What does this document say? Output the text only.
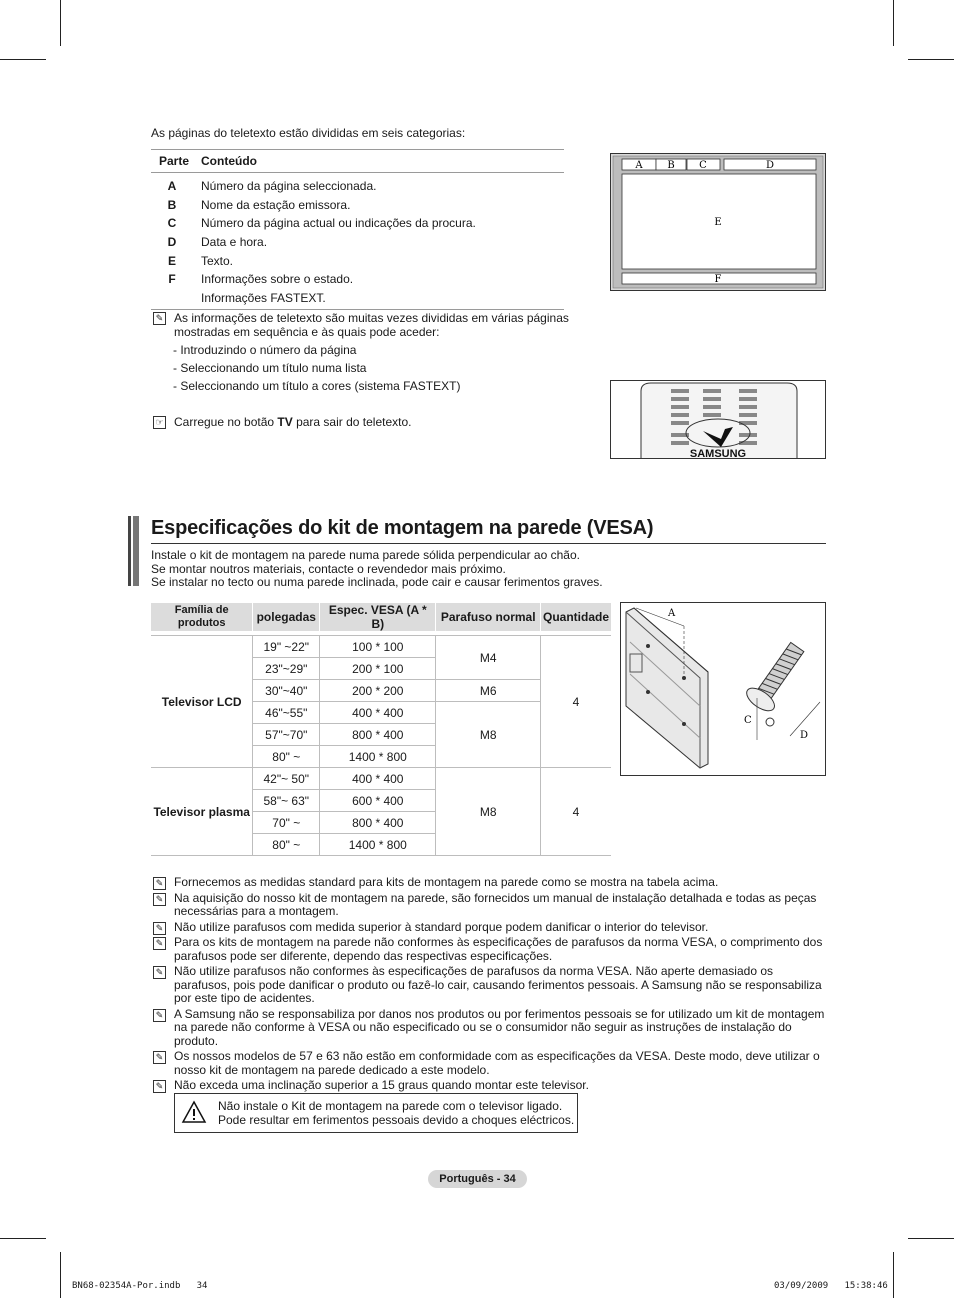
As páginas do teletexto estão divididas em seis categorias:
Parte	Conteúdo

A	Número da página seleccionada.
B	Nome da estação emissora.
C	Número da página actual ou indicações da procura.
D	Data e hora.
E	Texto.
F	Informações sobre o estado.
	Informações FASTEXT.
✎ As informações de teletexto são muitas vezes divididas em várias páginas mostradas em sequência e às quais pode aceder:
- Introduzindo o número da página
- Seleccionando um título numa lista
- Seleccionando um título a cores (sistema FASTEXT)
☞ Carregue no botão TV para sair do teletexto.
A B C	D
E
F
SAMSUNG
Especificações do kit de montagem na parede (VESA)
Instale o kit de montagem na parede numa parede sólida perpendicular ao chão.
Se montar noutros materiais, contacte o revendedor mais próximo.
Se instalar no tecto ou numa parede inclinada, pode cair e causar ferimentos graves.
Família de produtos	polegadas	Espec. VESA (A * B)	Parafuso normal	Quantidade

Televisor LCD	19" ~22"	100 * 100	M4	4
	23"~29"	200 * 100		
	30"~40"	200 * 200	M6	
	46"~55"	400 * 400	M8	
	57"~70"	800 * 400		
	80" ~	1400 * 800		
Televisor plasma	42"~ 50"	400 * 400	M8	4
	58"~ 63"	600 * 400		
	70" ~	800 * 400		
	80" ~	1400 * 800		
A
C
D
✎ Fornecemos as medidas standard para kits de montagem na parede como se mostra na tabela acima.
✎ Na aquisição do nosso kit de montagem na parede, são fornecidos um manual de instalação detalhada e todas as peças necessárias para a montagem.
✎ Não utilize parafusos com medida superior à standard porque podem danificar o interior do televisor.
✎ Para os kits de montagem na parede não conformes às especificações de parafusos da norma VESA, o comprimento dos parafusos pode ser diferente, dependo das respectivas especificações.
✎ Não utilize parafusos não conformes às especificações de parafusos da norma VESA. Não aperte demasiado os parafusos, pois pode danificar o produto ou fazê-lo cair, causando ferimentos pessoais. A Samsung não se responsabiliza por este tipo de acidentes.
✎ A Samsung não se responsabiliza por danos nos produtos ou por ferimentos pessoais se for utilizado um kit de montagem na parede não conforme à VESA ou não especificado ou se o consumidor não seguir as instruções de instalação do produto.
✎ Os nossos modelos de 57 e 63 não estão em conformidade com as especificações da VESA. Deste modo, deve utilizar o nosso kit de montagem na parede dedicado a este modelo.
✎ Não exceda uma inclinação superior a 15 graus quando montar este televisor.
Não instale o Kit de montagem na parede com o televisor ligado.
Pode resultar em ferimentos pessoais devido a choques eléctricos.
Português - 34
BN68-02354A-Por.indb   34	03/09/2009   15:38:46
